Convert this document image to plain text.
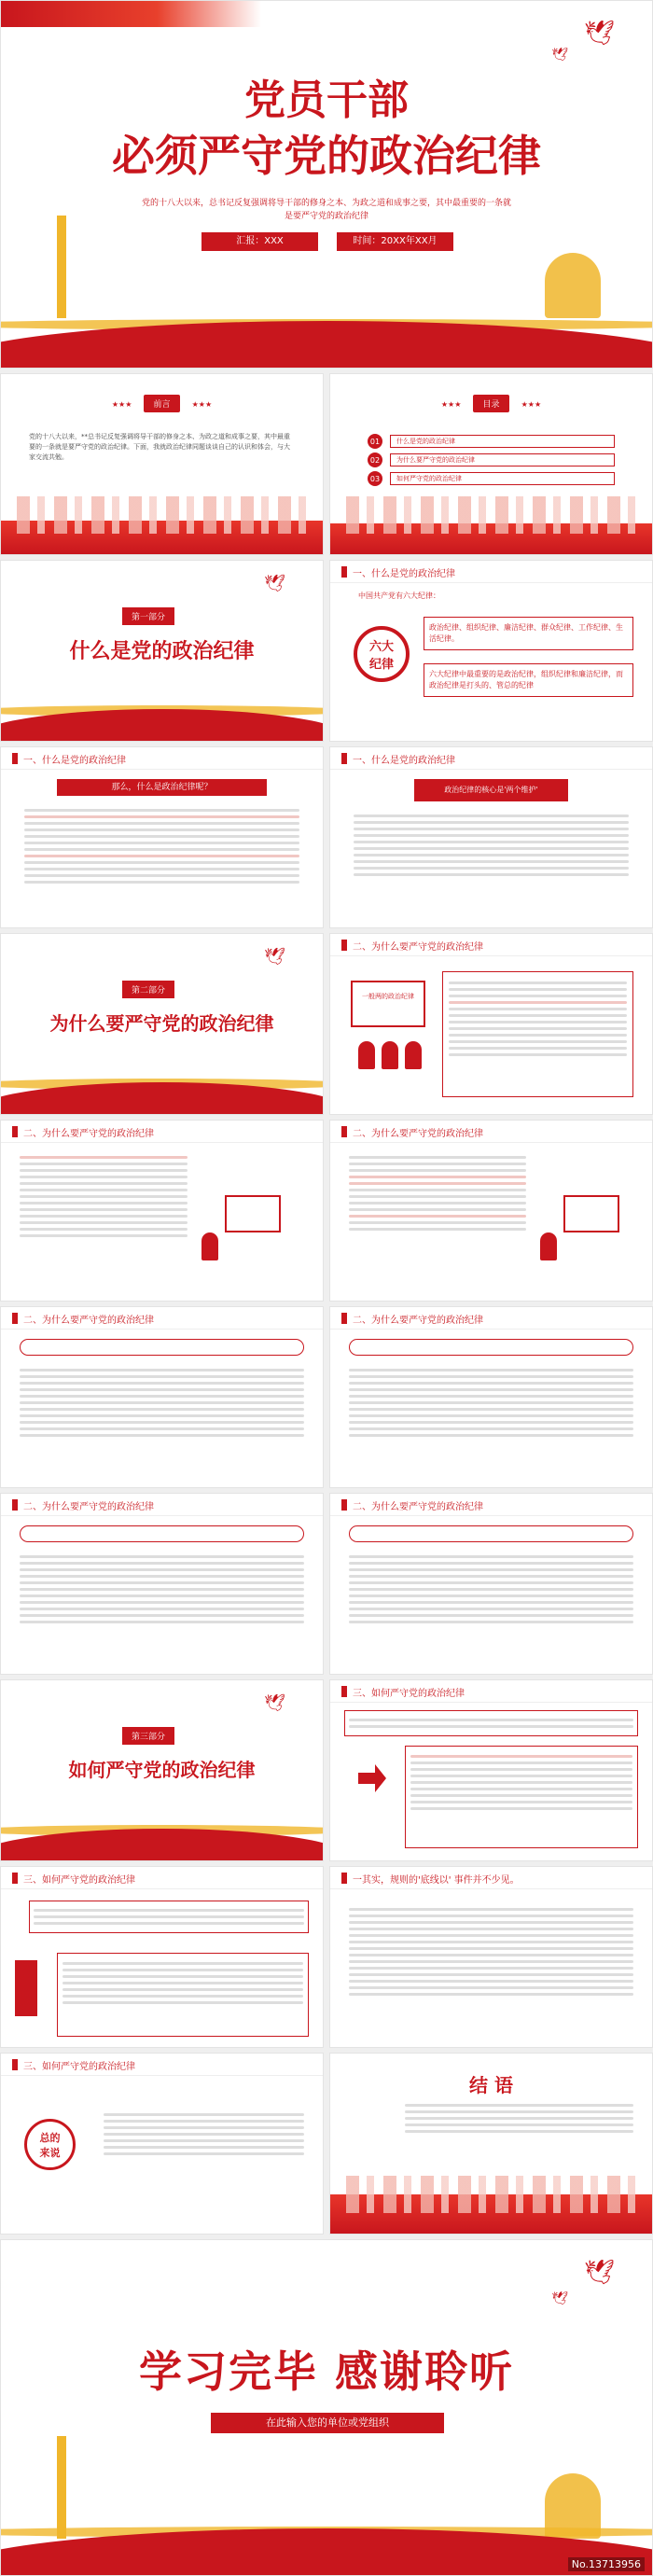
🕊
🕊
党员干部
必须严守党的政治纪律
党的十八大以来，总书记反复强调将导干部的修身之本、为政之道和成事之要，其中最重要的一条就是要严守党的政治纪律
汇报：XXX	时间：20XX年XX月
★★★	前言	★★★
党的十八大以来，**总书记反复强调将导干部的修身之本、为政之道和成事之要，其中最重要的一条就是要严守党的政治纪律。下面，我就政治纪律同题谈谈自己的认识和体会，与大家交流共勉。
★★★	目录	★★★
01	什么是党的政治纪律
02	为什么要严守党的政治纪律
03	如何严守党的政治纪律
🕊
第一部分
什么是党的政治纪律
一、什么是党的政治纪律
中国共产党有六大纪律：
六大
纪律
政治纪律、组织纪律、廉洁纪律、群众纪律、工作纪律、生活纪律。
六大纪律中最重要的是政治纪律，组织纪律和廉洁纪律，而政治纪律是打头的、管总的纪律
一、什么是党的政治纪律
那么，什么是政治纪律呢？
一、什么是党的政治纪律
政治纪律的核心是'两个维护'
🕊
第二部分
为什么要严守党的政治纪律
二、为什么要严守党的政治纪律
一般两的政治纪律
二、为什么要严守党的政治纪律	二、为什么要严守党的政治纪律
二、为什么要严守党的政治纪律	二、为什么要严守党的政治纪律
二、为什么要严守党的政治纪律	二、为什么要严守党的政治纪律
🕊
第三部分
如何严守党的政治纪律
三、如何严守党的政治纪律
三、如何严守党的政治纪律	一其实，规则的'底线以' 事件并不少见。
三、如何严守党的政治纪律
总的
来说
结 语
🕊
🕊
学习完毕 感谢聆听
在此输入您的单位或党组织
No.13713956
